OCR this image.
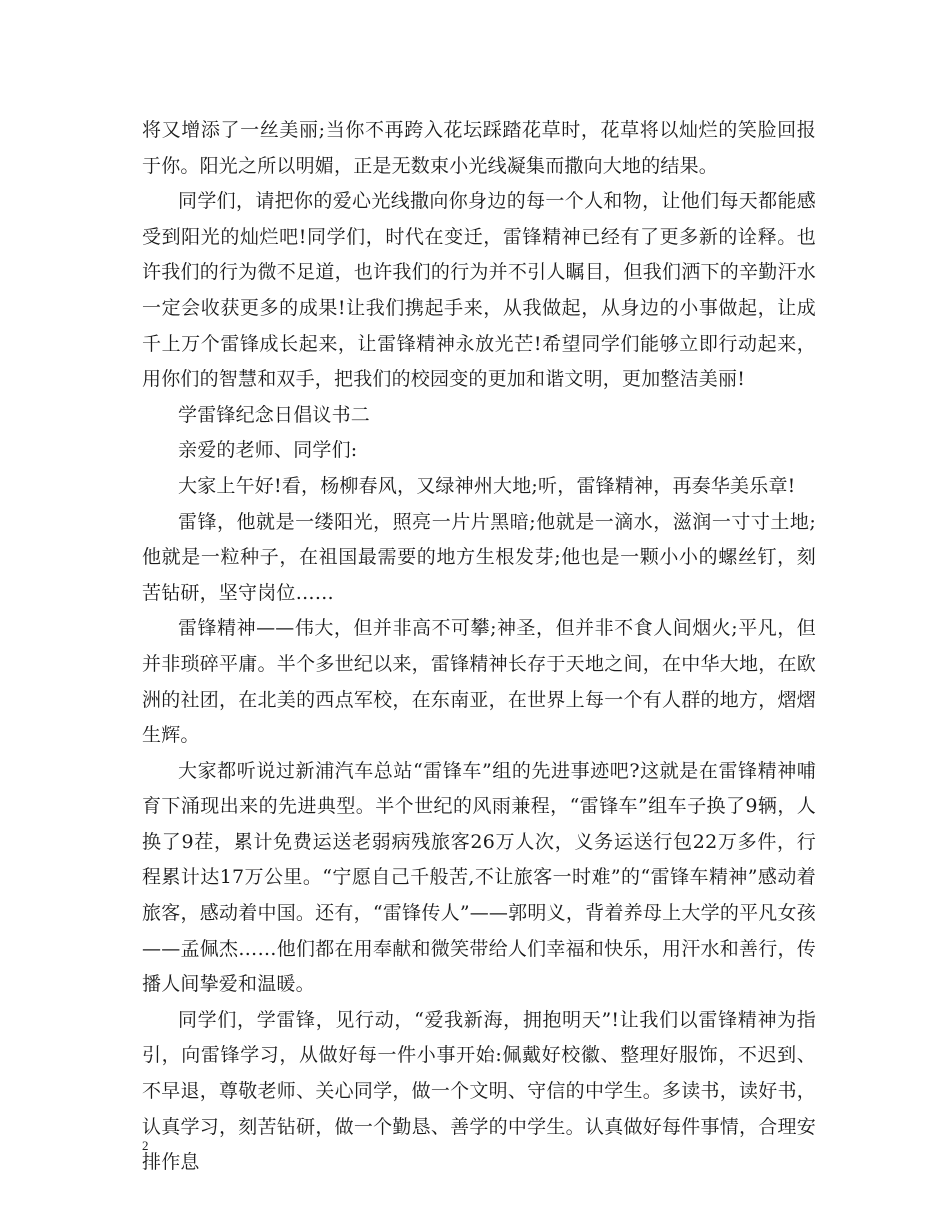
将又增添了一丝美丽;当你不再跨入花坛踩踏花草时，花草将以灿烂的笑脸回报于你。阳光之所以明媚，正是无数束小光线凝集而撒向大地的结果。

同学们，请把你的爱心光线撒向你身边的每一个人和物，让他们每天都能感受到阳光的灿烂吧!同学们，时代在变迁，雷锋精神已经有了更多新的诠释。也许我们的行为微不足道，也许我们的行为并不引人瞩目，但我们洒下的辛勤汗水一定会收获更多的成果!让我们携起手来，从我做起，从身边的小事做起，让成千上万个雷锋成长起来，让雷锋精神永放光芒!希望同学们能够立即行动起来，用你们的智慧和双手，把我们的校园变的更加和谐文明，更加整洁美丽!

学雷锋纪念日倡议书二

亲爱的老师、同学们:

大家上午好!看，杨柳春风，又绿神州大地;听，雷锋精神，再奏华美乐章!

雷锋，他就是一缕阳光，照亮一片片黑暗;他就是一滴水，滋润一寸寸土地;他就是一粒种子，在祖国最需要的地方生根发芽;他也是一颗小小的螺丝钉，刻苦钻研，坚守岗位……

雷锋精神——伟大，但并非高不可攀;神圣，但并非不食人间烟火;平凡，但并非琐碎平庸。半个多世纪以来，雷锋精神长存于天地之间，在中华大地，在欧洲的社团，在北美的西点军校，在东南亚，在世界上每一个有人群的地方，熠熠生辉。

大家都听说过新浦汽车总站“雷锋车”组的先进事迹吧?这就是在雷锋精神哺育下涌现出来的先进典型。半个世纪的风雨兼程，“雷锋车”组车子换了9辆，人换了9茬，累计免费运送老弱病残旅客26万人次，义务运送行包22万多件，行程累计达17万公里。“宁愿自己千般苦,不让旅客一时难”的“雷锋车精神”感动着旅客，感动着中国。还有，“雷锋传人”——郭明义，背着养母上大学的平凡女孩——孟佩杰……他们都在用奉献和微笑带给人们幸福和快乐，用汗水和善行，传播人间挚爱和温暖。

同学们，学雷锋，见行动，“爱我新海，拥抱明天”!让我们以雷锋精神为指引，向雷锋学习，从做好每一件小事开始:佩戴好校徽、整理好服饰，不迟到、不早退，尊敬老师、关心同学，做一个文明、守信的中学生。多读书，读好书，认真学习，刻苦钻研，做一个勤恳、善学的中学生。认真做好每件事情，合理安排作息

2
